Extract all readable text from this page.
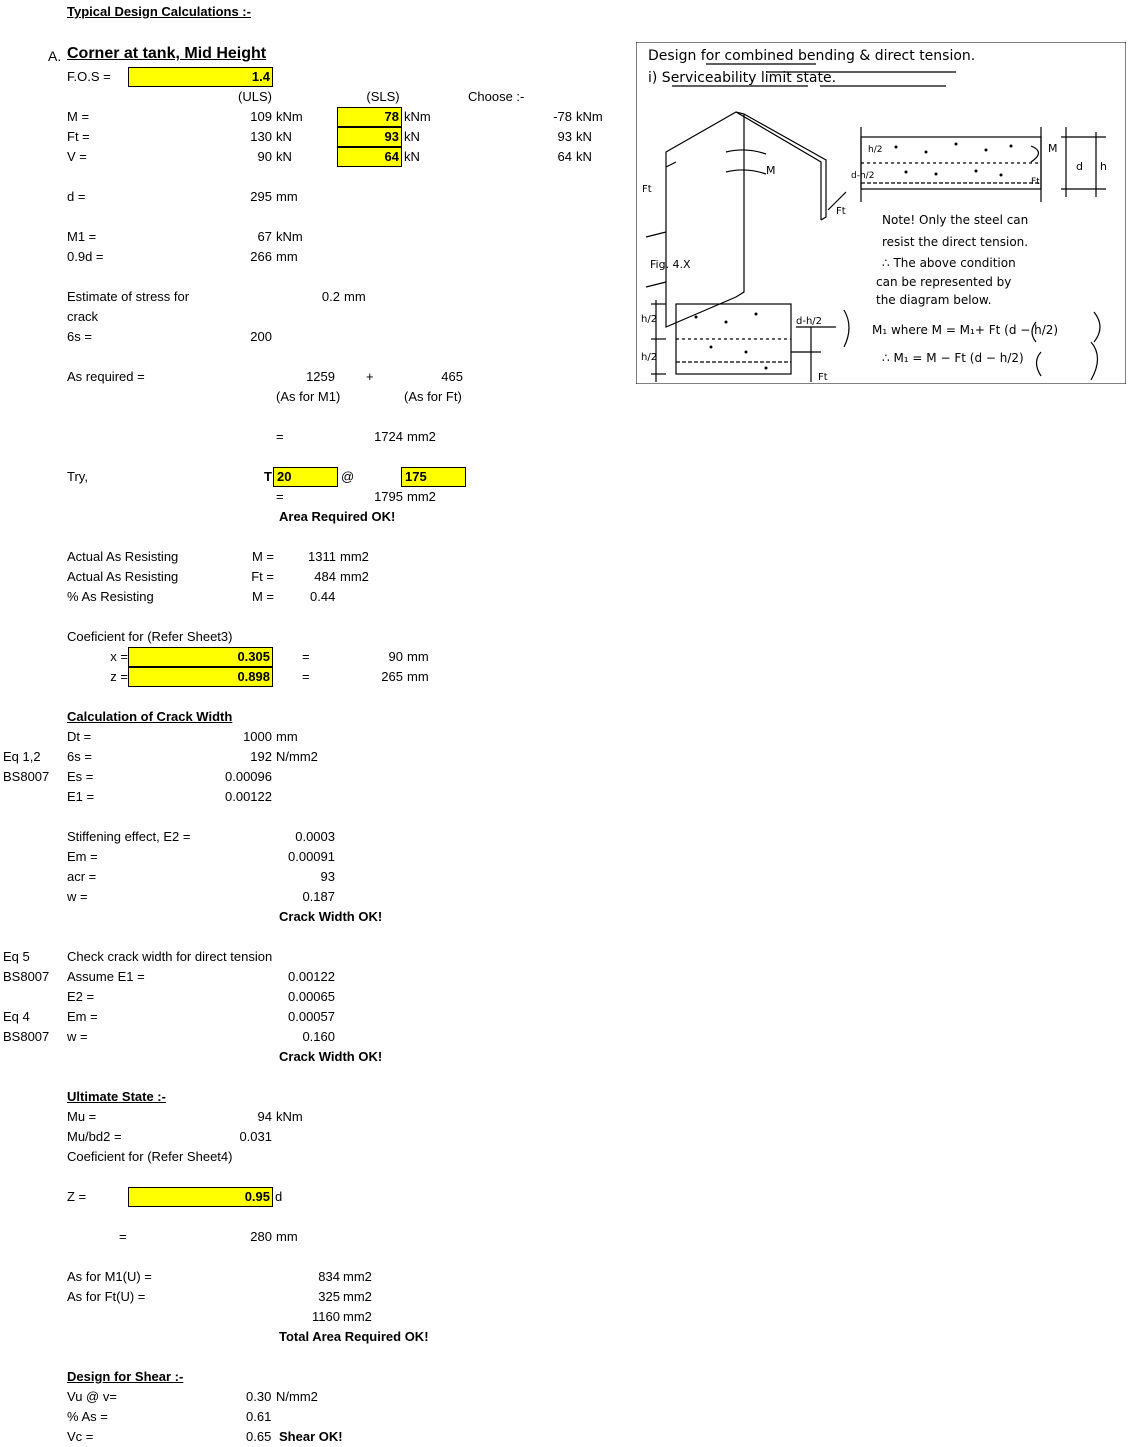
Typical Design Calculations :-
A. Corner at tank, Mid Height
F.O.S =	1.4
(ULS)	(SLS)	Choose :-
M =	109 kNm	78 kNm	-78 kNm
Ft =	130 kN	93 kN	93 kN
V =	90 kN	64 kN	64 kN
d =	295 mm
M1 =	67 kNm
0.9d =	266 mm
Estimate of stress for
crack
0.2 mm
6s =	200
As required =	1259 +	465
(As for M1)	(As for Ft)
=	1724 mm2
Try,	T 20	@	175
=	1795 mm2
Area Required OK!
Actual As Resisting	M =	1311 mm2
Actual As Resisting	Ft =	484 mm2
% As Resisting	M =	0.44
Coeficient for (Refer Sheet3)
x =	0.305 =	90 mm
z =	0.898 =	265 mm
Calculation of Crack Width
Dt =	1000 mm
Eq 1,2 6s =	192 N/mm2
BS8007 Es =	0.00096
E1 =	0.00122
Stiffening effect, E2 =	0.0003
Em =	0.00091
acr =	93
w =	0.187
Crack Width OK!
Eq 5	Check crack width for direct tension
BS8007 Assume E1 =	0.00122
E2 =	0.00065
Eq 4	Em =	0.00057
BS8007 w =	0.160
Crack Width OK!
Ultimate State :-
Mu =	94 kNm
Mu/bd2 =	0.031
Coeficient for (Refer Sheet4)
Z =	0.95 d
=	280 mm
As for M1(U) =	834 mm2
As for Ft(U) =	325 mm2
1160 mm2
Total Area Required OK!
Design for Shear :-
Vu @ v=	0.30 N/mm2
% As =	0.61
Vc =	0.65 Shear OK!
Design for combined bending & direct tension.
i) Serviceability limit state.
Note! Only the steel can
resist the direct tension.
∴ The above condition
can be represented by
the diagram below.
Fig. 4.X
M₁ where M = M₁+ Ft (d − h/2)
∴ M₁ = M − Ft (d − h/2)
Ft
Ft
M
M
h/2
d h
d-h/2
Ft
h/2
h/2
d-h/2
Ft
